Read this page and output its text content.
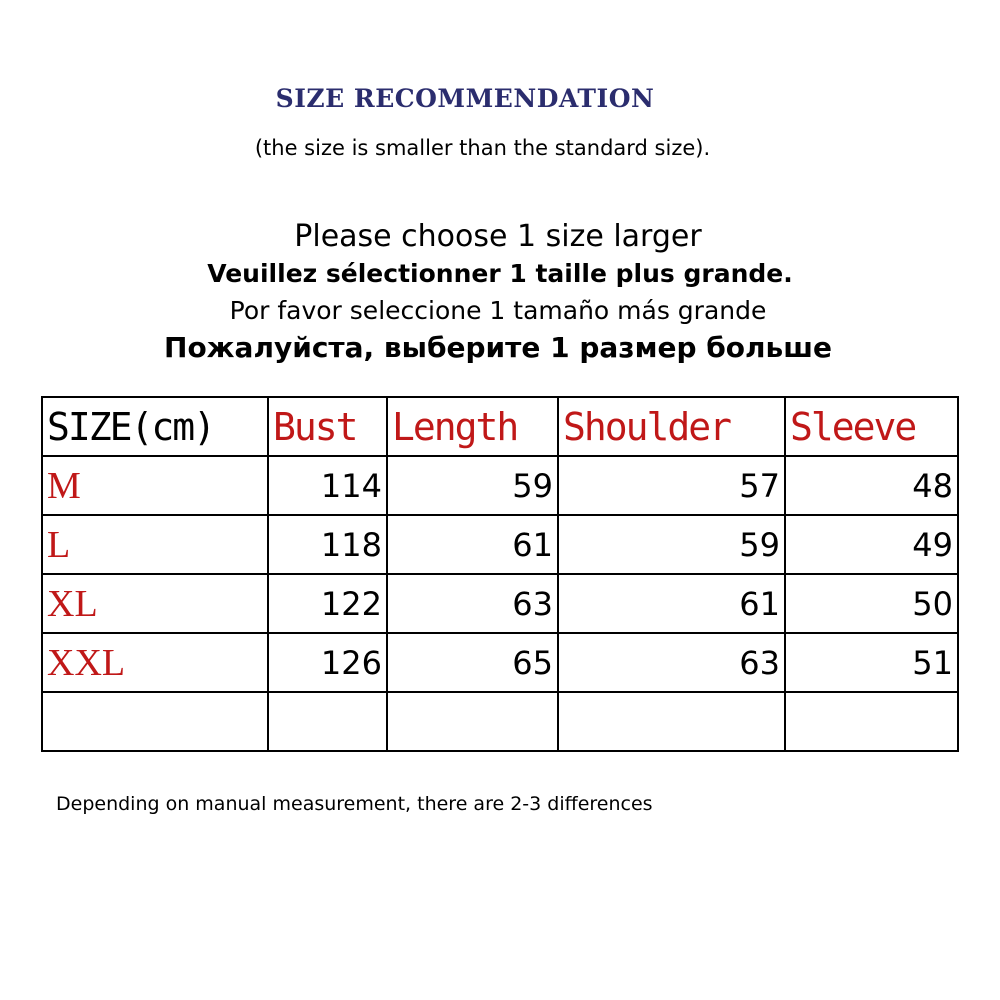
SIZE RECOMMENDATION
(the size is smaller than the standard size).
Please choose 1 size larger
Veuillez sélectionner 1 taille plus grande.
Por favor seleccione 1 tamaño más grande
Пожалуйста, выберите 1 размер больше
SIZE(cm)	Bust	Length	Shoulder	Sleeve
M	114	59	57	48
L	118	61	59	49
XL	122	63	61	50
XXL	126	65	63	51

Depending on manual measurement, there are 2-3 differences
